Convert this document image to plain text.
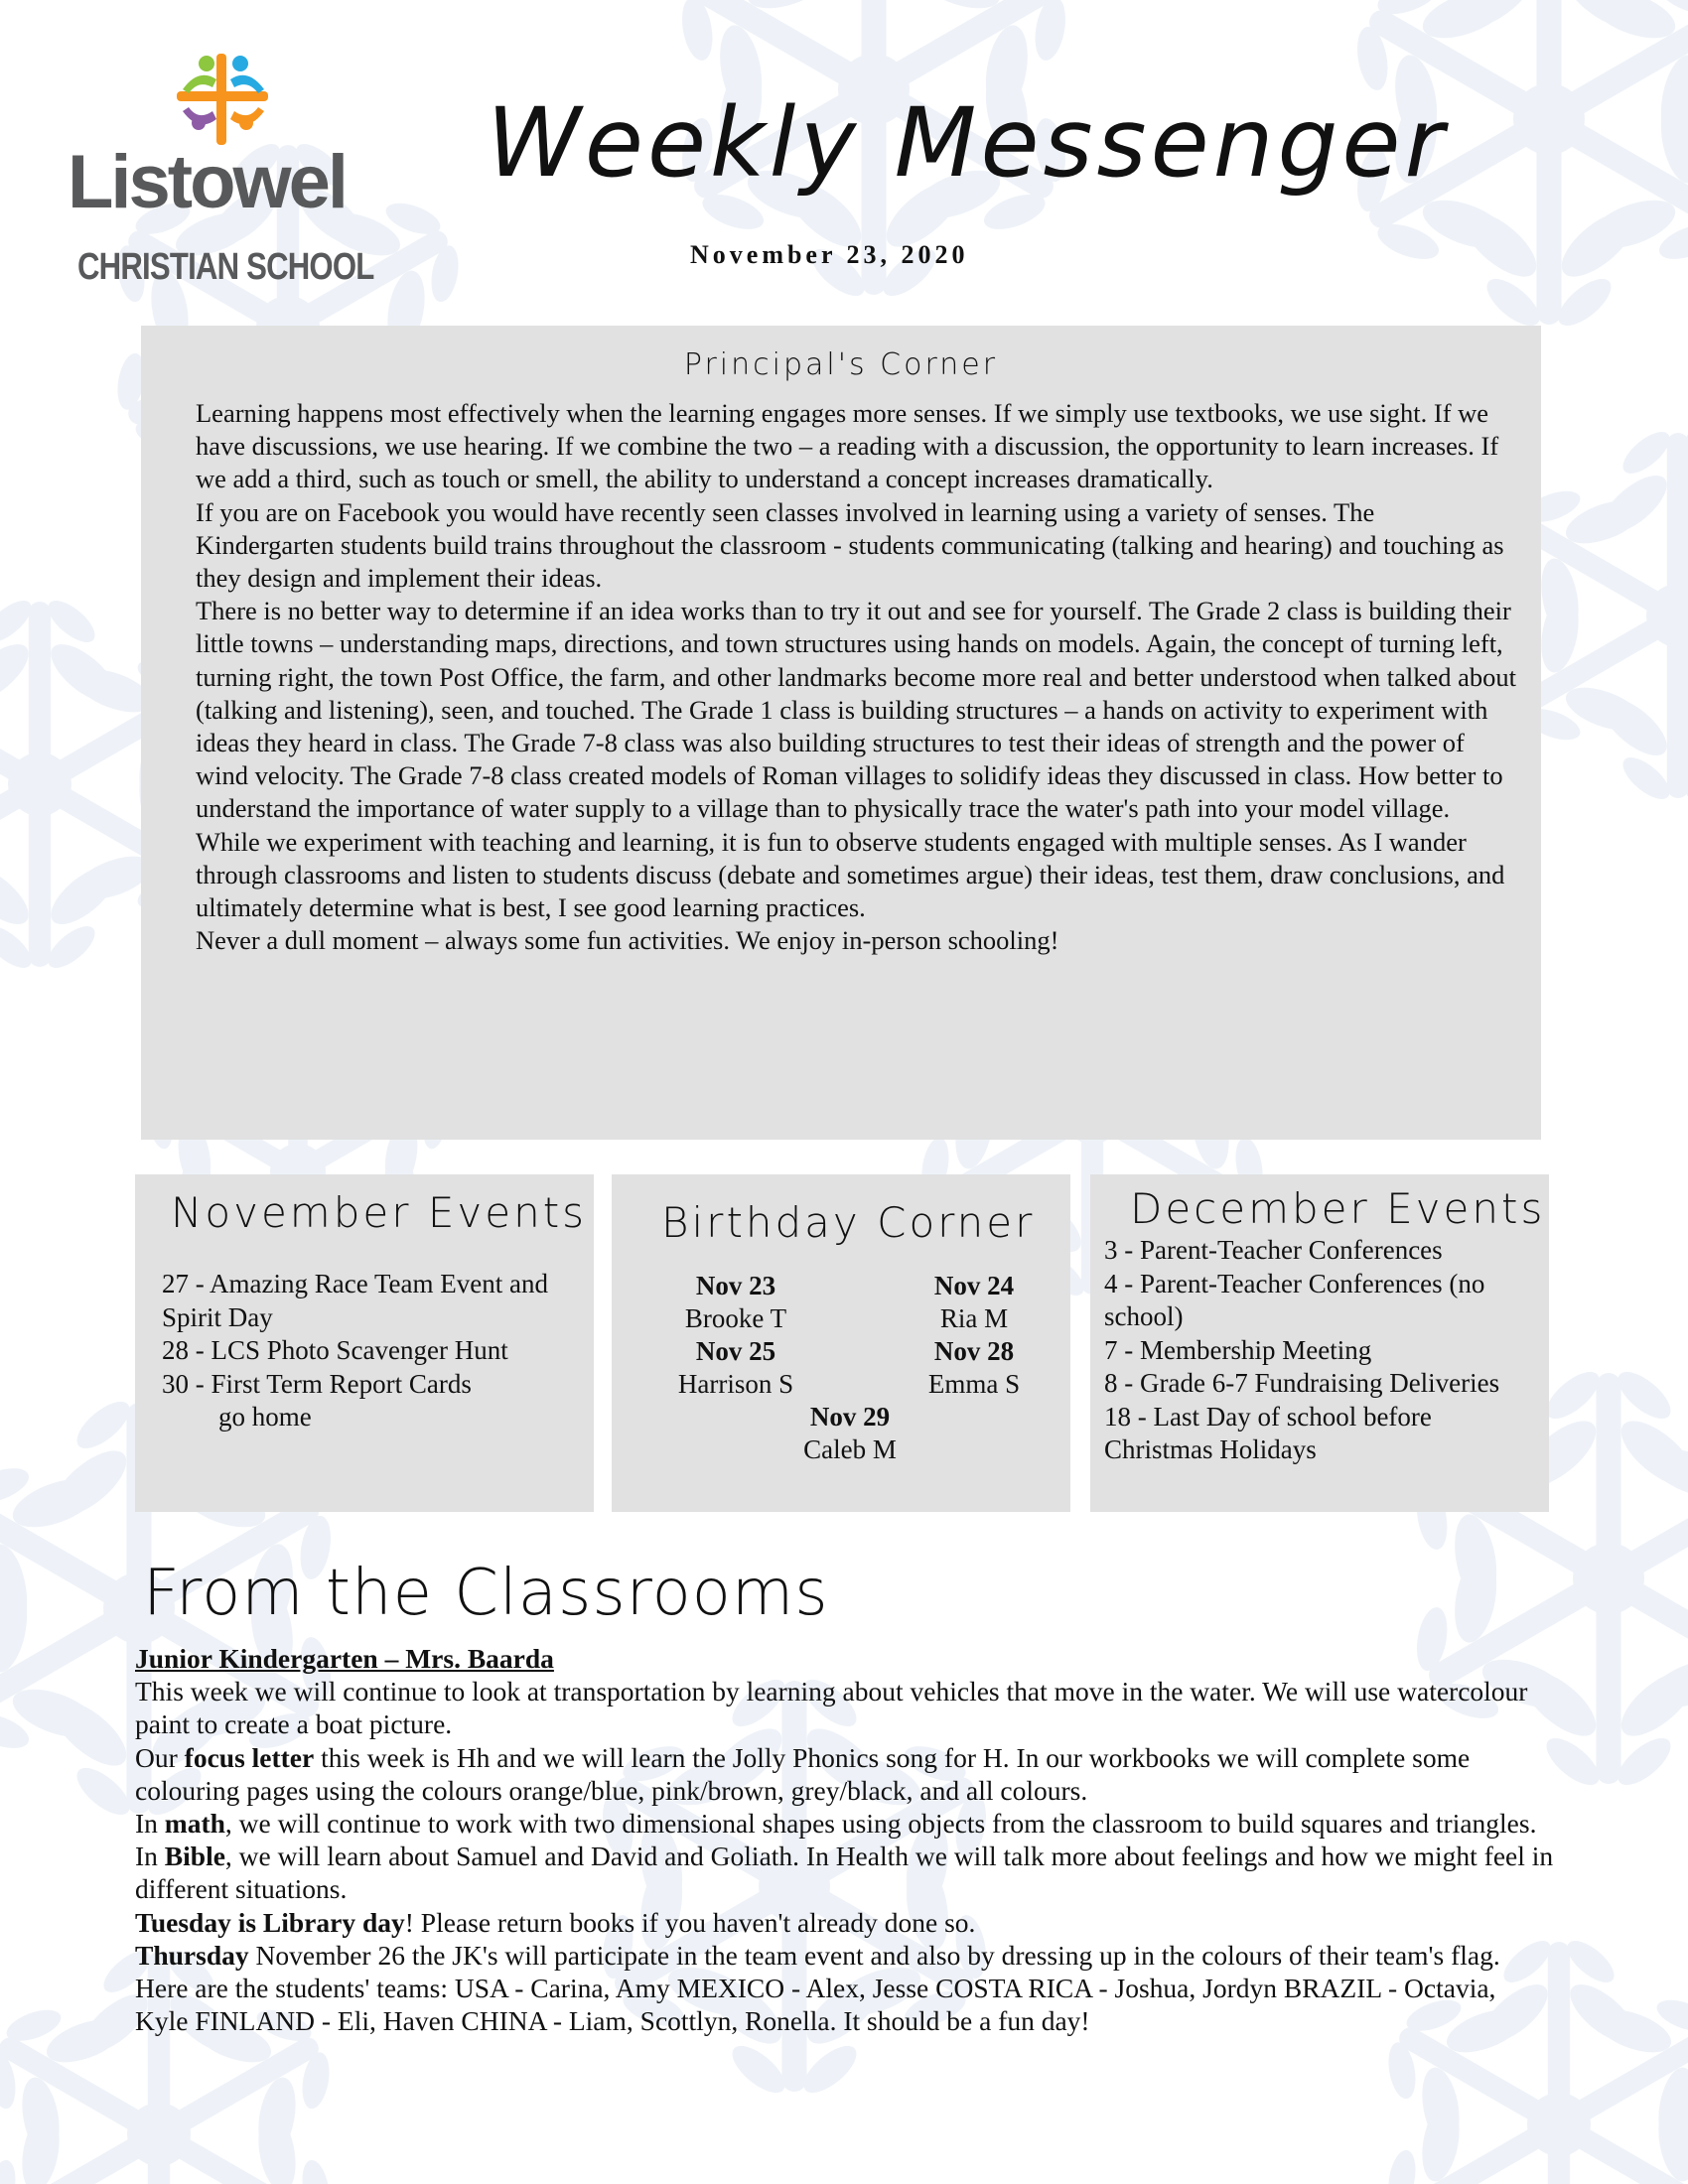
Listowel
CHRISTIAN SCHOOL
Weekly Messenger
November 23, 2020
Principal's Corner

Learning happens most effectively when the learning engages more senses. If we simply use textbooks, we use sight. If we have discussions, we use hearing. If we combine the two – a reading with a discussion, the opportunity to learn increases. If we add a third, such as touch or smell, the ability to understand a concept increases dramatically.

If you are on Facebook you would have recently seen classes involved in learning using a variety of senses. The Kindergarten students build trains throughout the classroom - students communicating (talking and hearing) and touching as they design and implement their ideas.

There is no better way to determine if an idea works than to try it out and see for yourself. The Grade 2 class is building their little towns – understanding maps, directions, and town structures using hands on models. Again, the concept of turning left, turning right, the town Post Office, the farm, and other landmarks become more real and better understood when talked about (talking and listening), seen, and touched. The Grade 1 class is building structures – a hands on activity to experiment with ideas they heard in class. The Grade 7-8 class was also building structures to test their ideas of strength and the power of wind velocity. The Grade 7-8 class created models of Roman villages to solidify ideas they discussed in class. How better to understand the importance of water supply to a village than to physically trace the water's path into your model village.

While we experiment with teaching and learning, it is fun to observe students engaged with multiple senses. As I wander through classrooms and listen to students discuss (debate and sometimes argue) their ideas, test them, draw conclusions, and ultimately determine what is best, I see good learning practices.

Never a dull moment – always some fun activities. We enjoy in-person schooling!

November Events
27 - Amazing Race Team Event and Spirit Day
28 - LCS Photo Scavenger Hunt
30 - First Term Report Cards
go home
Birthday Corner
Nov 23
Brooke T
Nov 24
Ria M
Nov 25
Harrison S
Nov 28
Emma S
Nov 29
Caleb M
December Events
3 - Parent-Teacher Conferences
4 - Parent-Teacher Conferences (no school)
7 - Membership Meeting
8 - Grade 6-7 Fundraising Deliveries
18 - Last Day of school before Christmas Holidays
From the Classrooms

Junior Kindergarten – Mrs. Baarda

This week we will continue to look at transportation by learning about vehicles that move in the water. We will use watercolour paint to create a boat picture.

Our focus letter this week is Hh and we will learn the Jolly Phonics song for H. In our workbooks we will complete some colouring pages using the colours orange/blue, pink/brown, grey/black, and all colours.

In math, we will continue to work with two dimensional shapes using objects from the classroom to build squares and triangles.

In Bible, we will learn about Samuel and David and Goliath. In Health we will talk more about feelings and how we might feel in different situations.

Tuesday is Library day! Please return books if you haven't already done so.

Thursday November 26 the JK's will participate in the team event and also by dressing up in the colours of their team's flag. Here are the students' teams: USA - Carina, Amy MEXICO - Alex, Jesse COSTA RICA - Joshua, Jordyn BRAZIL - Octavia, Kyle FINLAND - Eli, Haven CHINA - Liam, Scottlyn, Ronella. It should be a fun day!
